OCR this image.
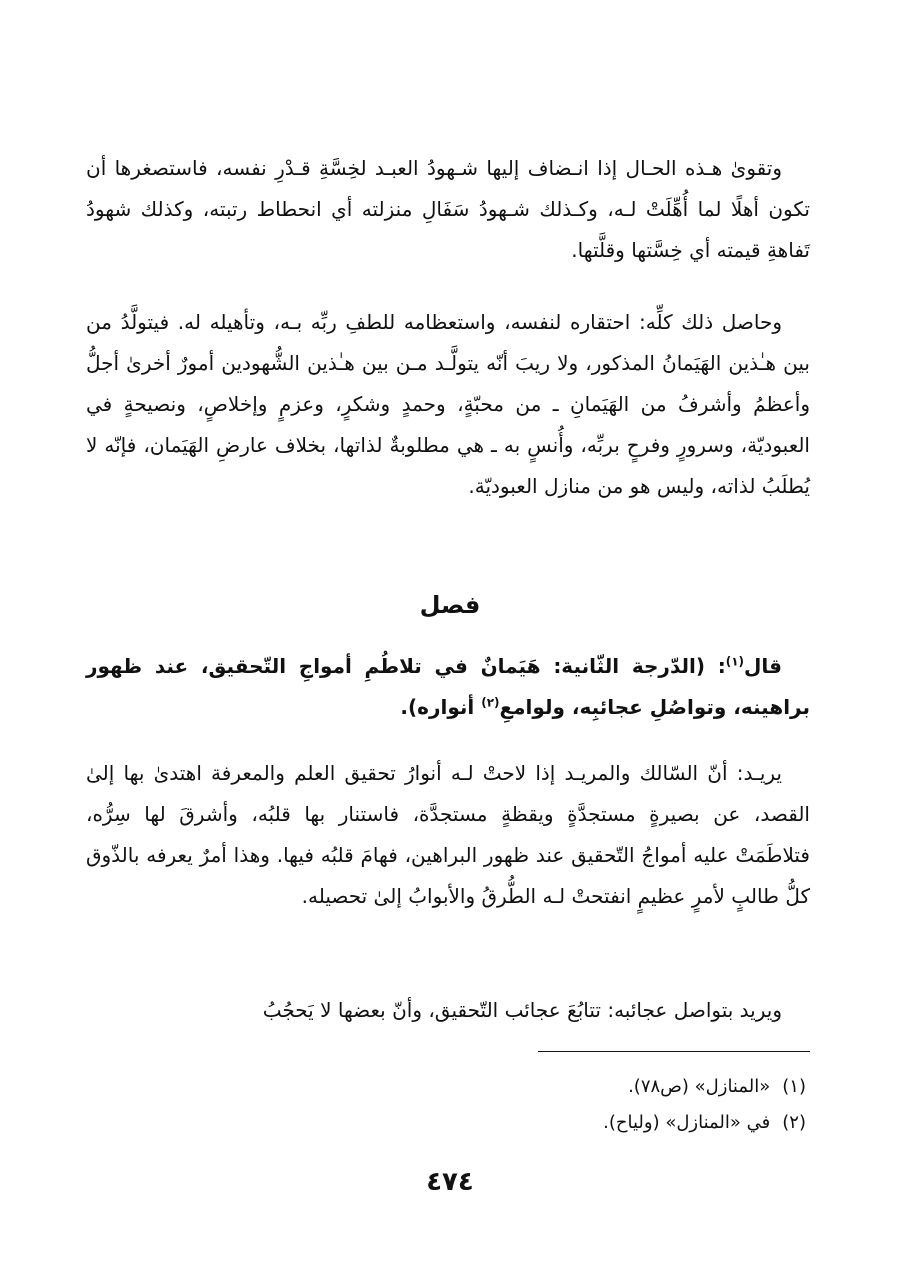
وتقوىٰ هـذه الحـال إذا انـضاف إليها شـهودُ العبـد لخِسَّةِ قـدْرِ نفسه، فاستصغرها أن تكون أهلًا لما أُهِّلَتْ لـه، وكـذلك شـهودُ سَفَالِ منزلته أي انحطاط رتبته، وكذلك شهودُ تَفاهةِ قيمته أي خِسَّتها وقلَّتها.

وحاصل ذلك كلِّه: احتقاره لنفسه، واستعظامه للطفِ ربِّه بـه، وتأهيله له. فيتولَّدُ من بين هـٰذين الهَيَمانُ المذكور، ولا ريبَ أنّه يتولَّـد مـن بين هـٰذين الشُّهودين أمورٌ أخرىٰ أجلُّ وأعظمُ وأشرفُ من الهَيَمانِ ـ من محبّةٍ، وحمدٍ وشكرٍ، وعزمٍ وإخلاصٍ، ونصيحةٍ في العبوديّة، وسرورٍ وفرحٍ بربِّه، وأُنسٍ به ـ هي مطلوبةٌ لذاتها، بخلاف عارضِ الهَيَمان، فإنّه لا يُطلَبُ لذاته، وليس هو من منازل العبوديّة.

فصل

قال$^{(١)}$: (الدّرجة الثّانية: هَيَمانٌ في تلاطُمِ أمواجِ التّحقيق، عند ظهور براهينه، وتواصُلِ عجائبِه، ولوامعِ$^{(٢)}$ أنواره).

يريـد: أنّ السّالك والمريـد إذا لاحتْ لـه أنوارُ تحقيق العلم والمعرفة اهتدىٰ بها إلىٰ القصد، عن بصيرةٍ مستجدَّةٍ ويقظةٍ مستجدَّة، فاستنار بها قلبُه، وأشرقَ لها سِرُّه، فتلاطَمَتْ عليه أمواجُ التّحقيق عند ظهور البراهين، فهامَ قلبُه فيها. وهذا أمرٌ يعرفه بالذّوق كلُّ طالبٍ لأمرٍ عظيمٍ انفتحتْ لـه الطُّرقُ والأبوابُ إلىٰ تحصيله.

ويريد بتواصل عجائبه: تتابُعَ عجائب التّحقيق، وأنّ بعضها لا يَحجُبُ

(١)«المنازل» (ص٧٨).
(٢)في «المنازل» (ولياح).
٤٧٤
